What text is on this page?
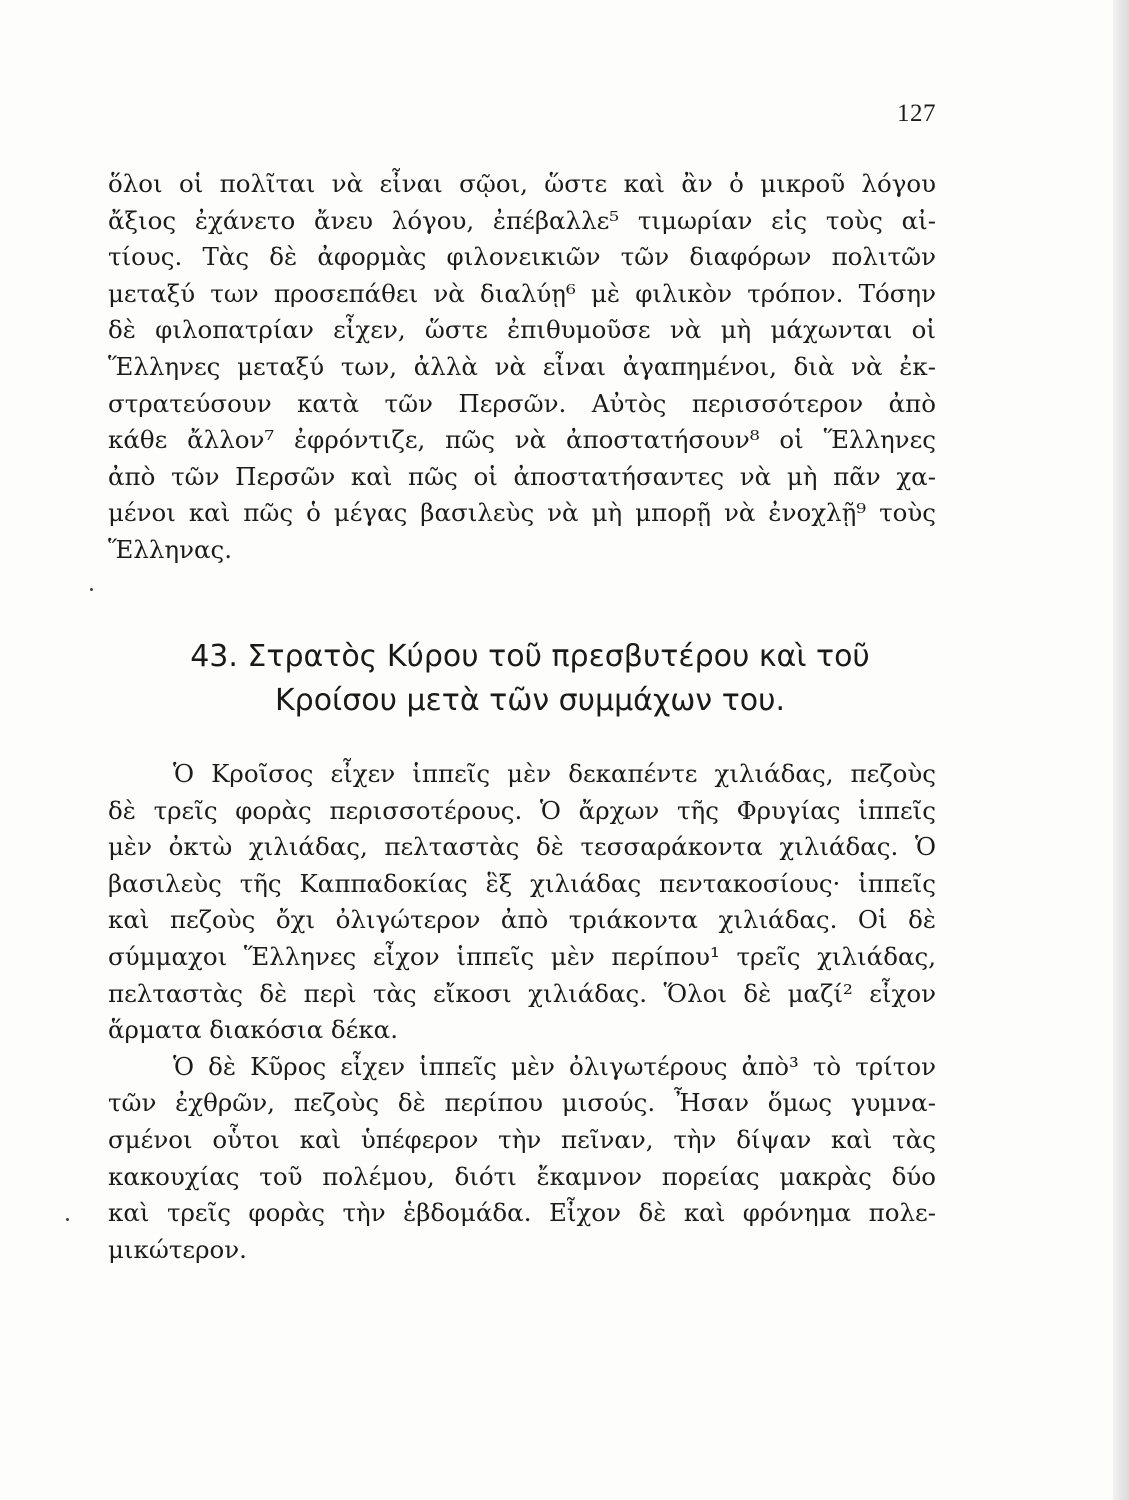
127
ὅλοι οἱ πολῖται νὰ εἶναι σῷοι, ὥστε καὶ ἂν ὁ μικροῦ λόγου
ἄξιος ἐχάνετο ἄνευ λόγου, ἐπέβαλλε⁵ τιμωρίαν εἰς τοὺς αἰ-
τίους. Τὰς δὲ ἀφορμὰς φιλονεικιῶν τῶν διαφόρων πολιτῶν
μεταξύ των προσεπάθει νὰ διαλύῃ⁶ μὲ φιλικὸν τρόπον. Τόσην
δὲ φιλοπατρίαν εἶχεν, ὥστε ἐπιθυμοῦσε νὰ μὴ μάχωνται οἱ
Ἕλληνες μεταξύ των, ἀλλὰ νὰ εἶναι ἀγαπημένοι, διὰ νὰ ἐκ-
στρατεύσουν κατὰ τῶν Περσῶν. Αὐτὸς περισσότερον ἀπὸ
κάθε ἄλλον⁷ ἐφρόντιζε, πῶς νὰ ἀποστατήσουν⁸ οἱ Ἕλληνες
ἀπὸ τῶν Περσῶν καὶ πῶς οἱ ἀποστατήσαντες νὰ μὴ πᾶν χα-
μένοι καὶ πῶς ὁ μέγας βασιλεὺς νὰ μὴ μπορῇ νὰ ἐνοχλῇ⁹ τοὺς
Ἕλληνας.
43. Στρατὸς Κύρου τοῦ πρεσβυτέρου καὶ τοῦ
Κροίσου μετὰ τῶν συμμάχων του.
Ὁ Κροῖσος εἶχεν ἱππεῖς μὲν δεκαπέντε χιλιάδας, πεζοὺς
δὲ τρεῖς φορὰς περισσοτέρους. Ὁ ἄρχων τῆς Φρυγίας ἱππεῖς
μὲν ὀκτὼ χιλιάδας, πελταστὰς δὲ τεσσαράκοντα χιλιάδας. Ὁ
βασιλεὺς τῆς Καππαδοκίας ἓξ χιλιάδας πεντακοσίους· ἱππεῖς
καὶ πεζοὺς ὄχι ὀλιγώτερον ἀπὸ τριάκοντα χιλιάδας. Οἱ δὲ
σύμμαχοι Ἕλληνες εἶχον ἱππεῖς μὲν περίπου¹ τρεῖς χιλιάδας,
πελταστὰς δὲ περὶ τὰς εἴκοσι χιλιάδας. Ὅλοι δὲ μαζί² εἶχον
ἅρματα διακόσια δέκα.
Ὁ δὲ Κῦρος εἶχεν ἱππεῖς μὲν ὀλιγωτέρους ἀπὸ³ τὸ τρίτον
τῶν ἐχθρῶν, πεζοὺς δὲ περίπου μισούς. Ἦσαν ὅμως γυμνα-
σμένοι οὗτοι καὶ ὑπέφερον τὴν πεῖναν, τὴν δίψαν καὶ τὰς
κακουχίας τοῦ πολέμου, διότι ἔκαμνον πορείας μακρὰς δύο
καὶ τρεῖς φορὰς τὴν ἑβδομάδα. Εἶχον δὲ καὶ φρόνημα πολε-
μικώτερον.
